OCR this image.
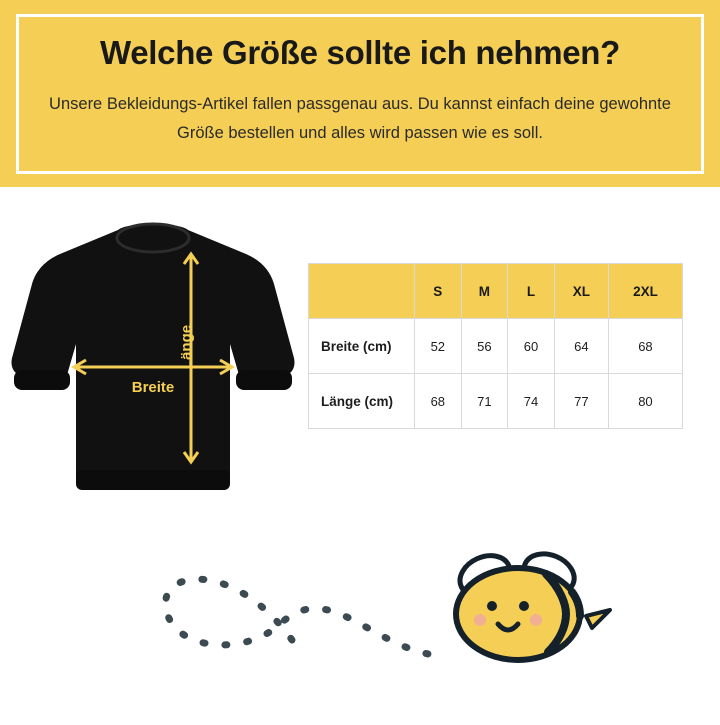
Welche Größe sollte ich nehmen?

Unsere Bekleidungs-Artikel fallen passgenau aus. Du kannst einfach deine gewohnte Größe bestellen und alles wird passen wie es soll.

Länge
Breite
	S	M	L	XL	2XL
Breite (cm)	52	56	60	64	68
Länge (cm)	68	71	74	77	80
